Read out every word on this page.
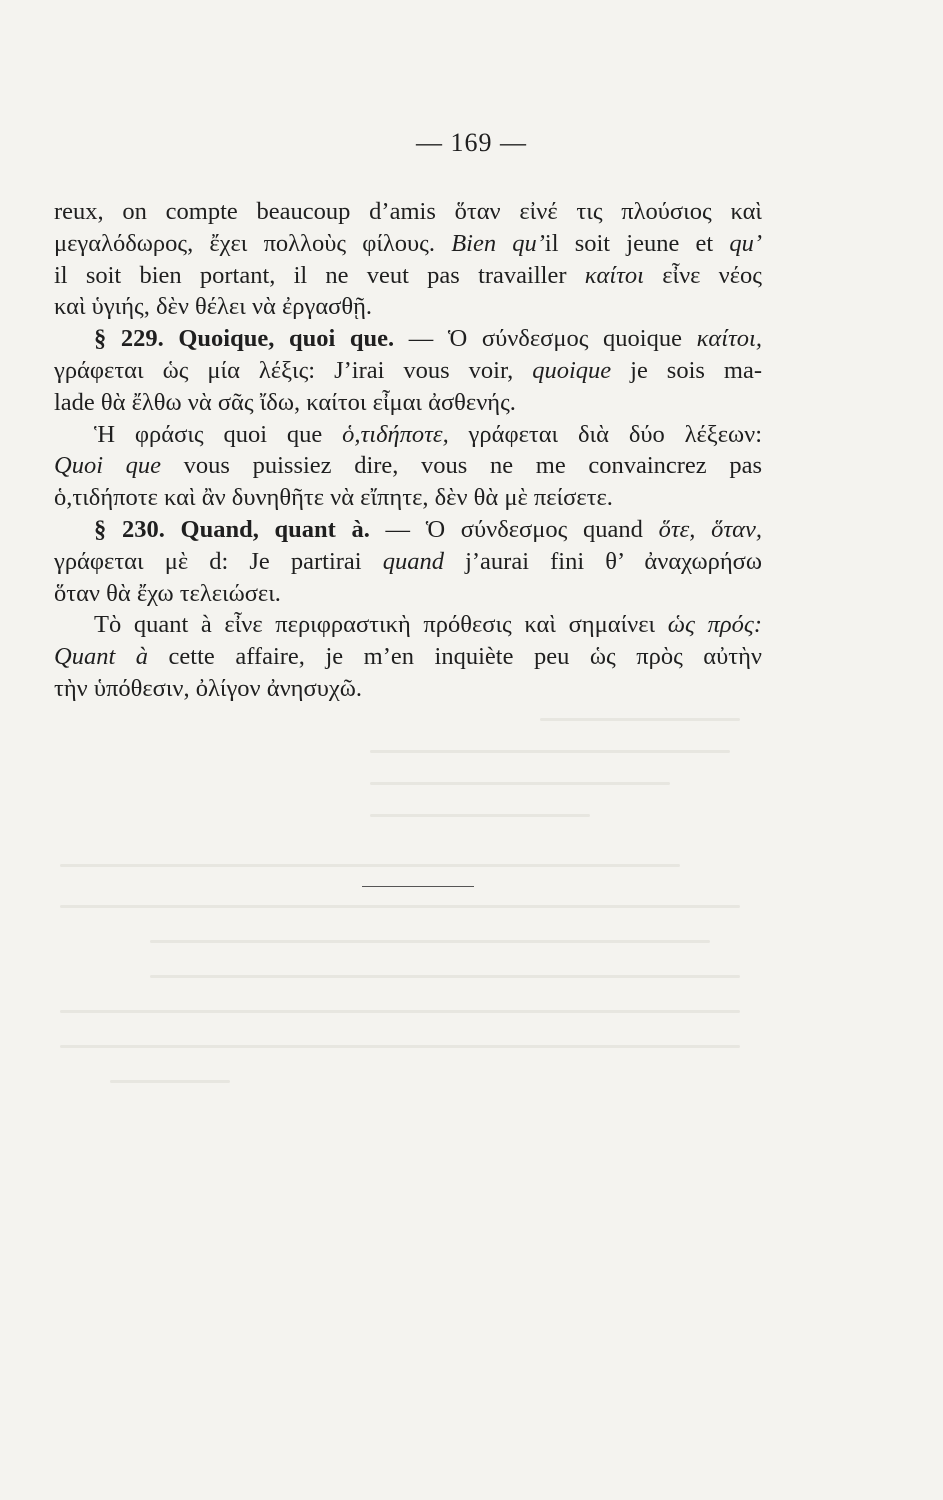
— 169 —
reux, on compte beaucoup d’amis ὅταν εἰνέ τις πλούσιος καὶ
μεγαλόδωρος, ἔχει πολλοὺς φίλους. Bien qu’il soit jeune et qu’
il soit bien portant, il ne veut pas travailler καίτοι εἶνε νέος
καὶ ὑγιής, δὲν θέλει νὰ ἐργασθῇ.
§ 229. Quoique, quoi que. — Ὁ σύνδεσμος quoique καίτοι,
γράφεται ὡς μία λέξις: J’irai vous voir, quoique je sois ma-
lade θὰ ἔλθω νὰ σᾶς ἴδω, καίτοι εἶμαι ἀσθενής.
Ἡ φράσις quoi que ὁ,τιδήποτε, γράφεται διὰ δύο λέξεων:
Quoi que vous puissiez dire, vous ne me convaincrez pas
ὁ,τιδήποτε καὶ ἂν δυνηθῆτε νὰ εἴπητε, δὲν θὰ μὲ πείσετε.
§ 230. Quand, quant à. — Ὁ σύνδεσμος quand ὅτε, ὅταν,
γράφεται μὲ d: Je partirai quand j’aurai fini θ’ ἀναχωρήσω
ὅταν θὰ ἔχω τελειώσει.
Τὸ quant à εἶνε περιφραστικὴ πρόθεσις καὶ σημαίνει ὡς πρός:
Quant à cette affaire, je m’en inquiète peu ὡς πρὸς αὐτὴν
τὴν ὑπόθεσιν, ὀλίγον ἀνησυχῶ.
